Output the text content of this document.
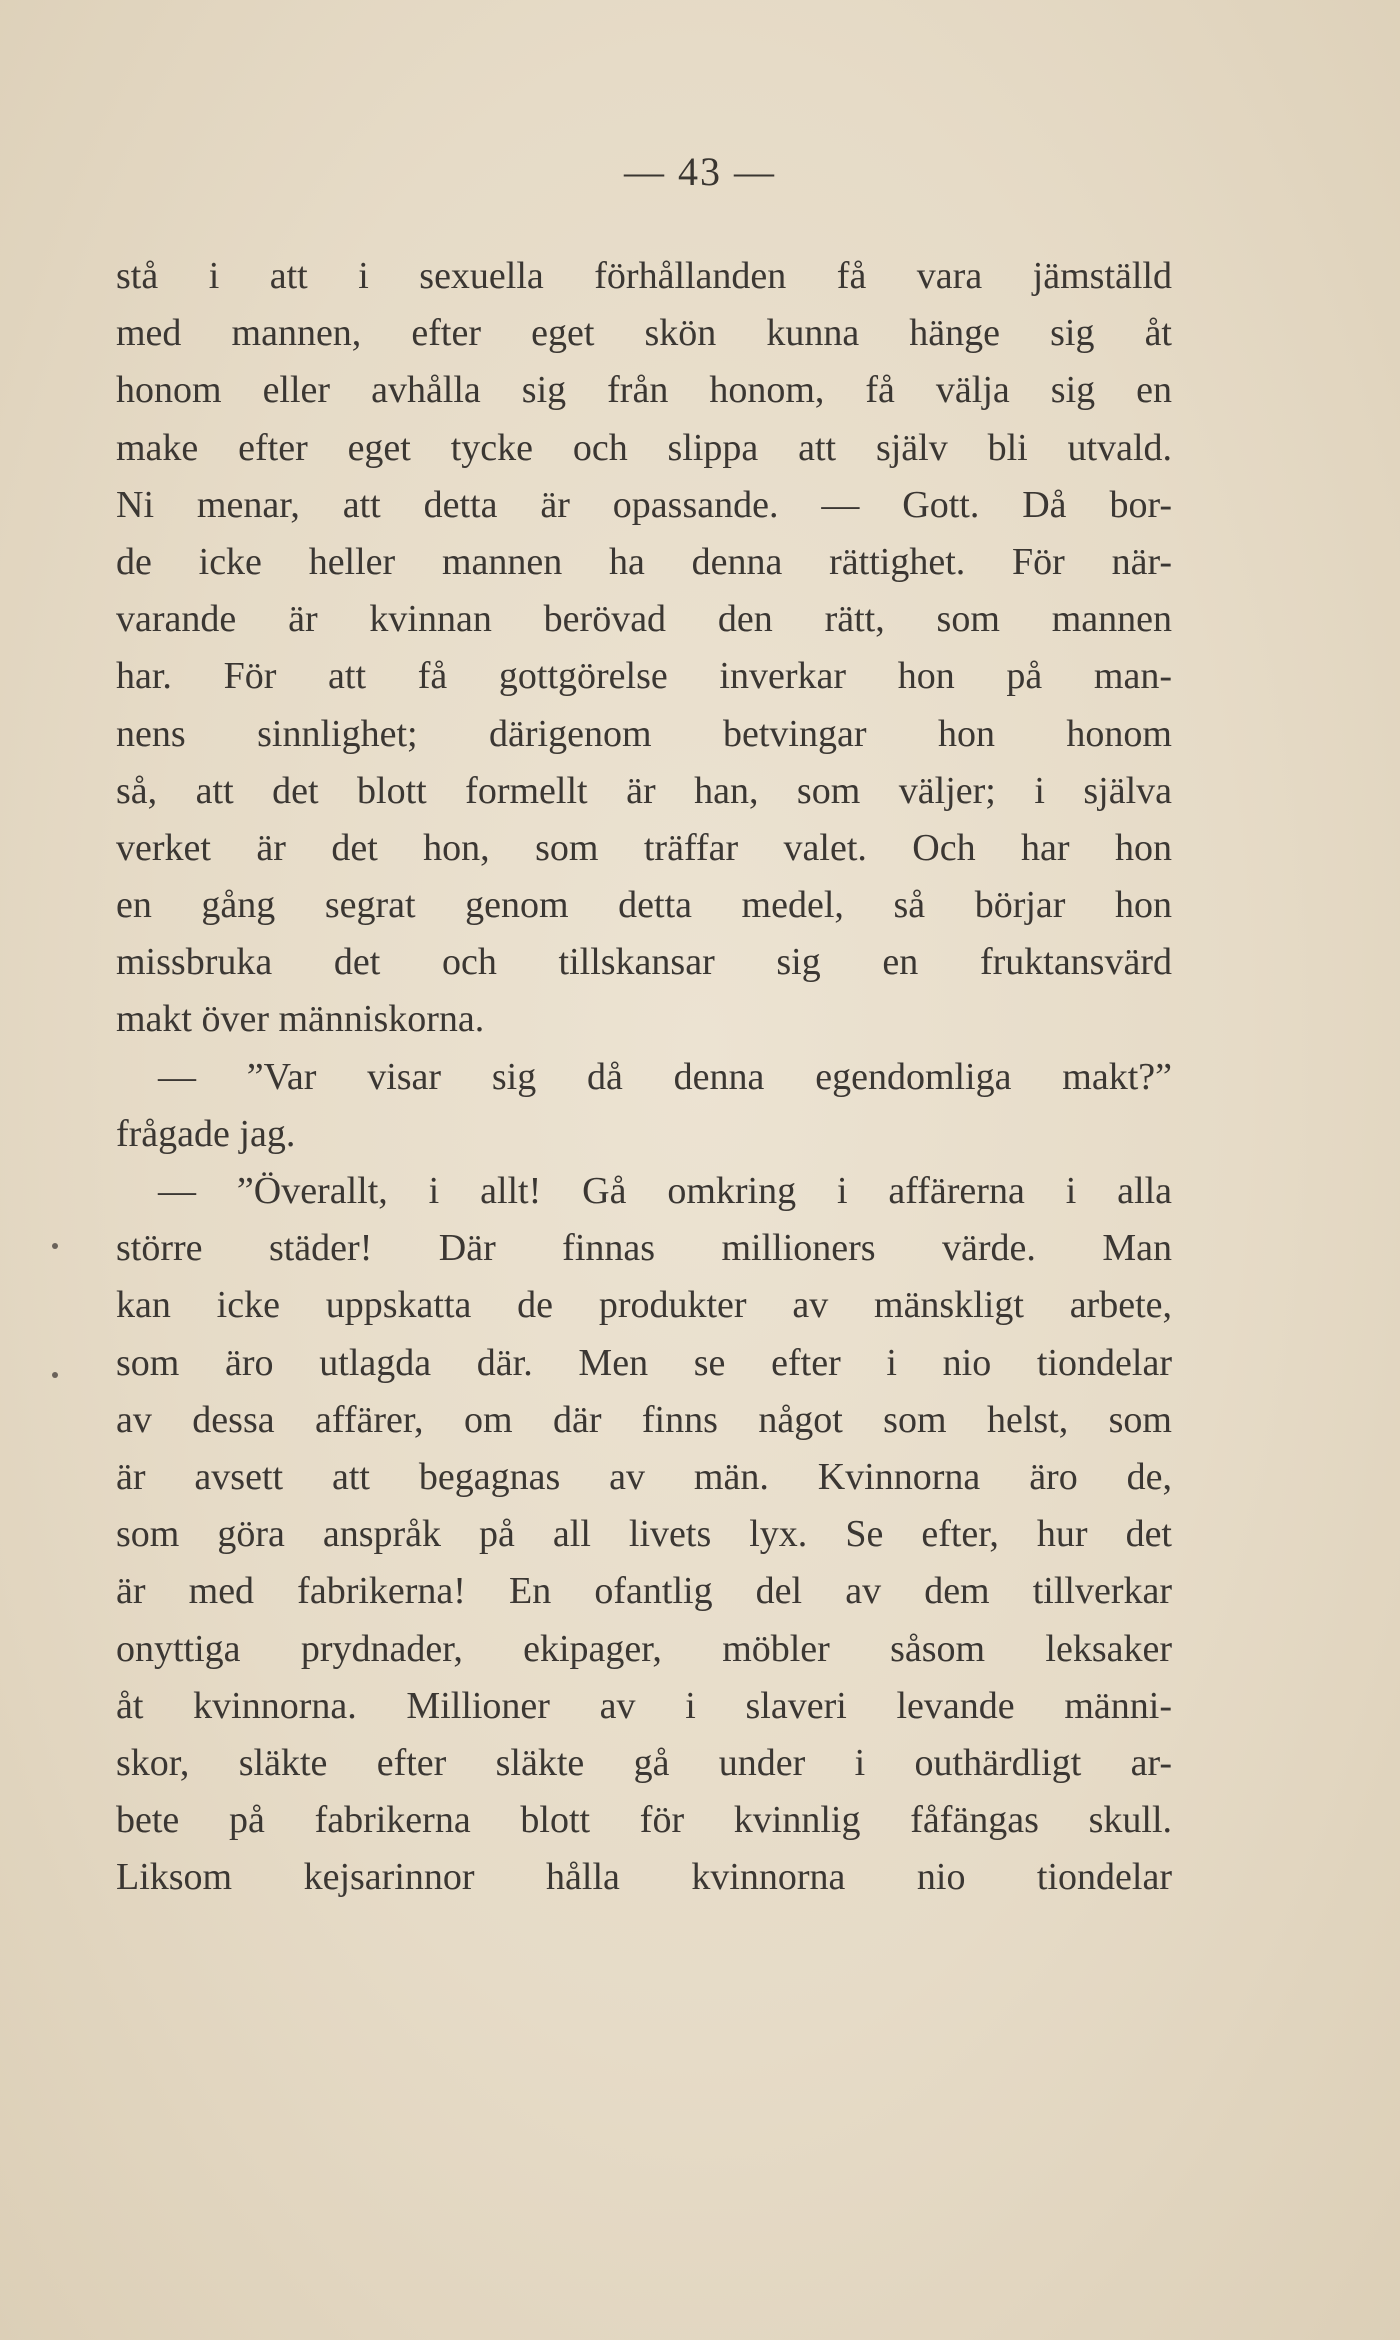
— 43 —
stå i att i sexuella förhållanden få vara jämställd
med mannen, efter eget skön kunna hänge sig åt
honom eller avhålla sig från honom, få välja sig en
make efter eget tycke och slippa att själv bli utvald.
Ni menar, att detta är opassande. — Gott. Då bor-
de icke heller mannen ha denna rättighet. För när-
varande är kvinnan berövad den rätt, som mannen
har. För att få gottgörelse inverkar hon på man-
nens sinnlighet; därigenom betvingar hon honom
så, att det blott formellt är han, som väljer; i själva
verket är det hon, som träffar valet. Och har hon
en gång segrat genom detta medel, så börjar hon
missbruka det och tillskansar sig en fruktansvärd
makt över människorna.
— ”Var visar sig då denna egendomliga makt?”
frågade jag.
— ”Överallt, i allt! Gå omkring i affärerna i alla
större städer! Där finnas millioners värde. Man
kan icke uppskatta de produkter av mänskligt arbete,
som äro utlagda där. Men se efter i nio tiondelar
av dessa affärer, om där finns något som helst, som
är avsett att begagnas av män. Kvinnorna äro de,
som göra anspråk på all livets lyx. Se efter, hur det
är med fabrikerna! En ofantlig del av dem tillverkar
onyttiga prydnader, ekipager, möbler såsom leksaker
åt kvinnorna. Millioner av i slaveri levande männi-
skor, släkte efter släkte gå under i outhärdligt ar-
bete på fabrikerna blott för kvinnlig fåfängas skull.
Liksom kejsarinnor hålla kvinnorna nio tiondelar
